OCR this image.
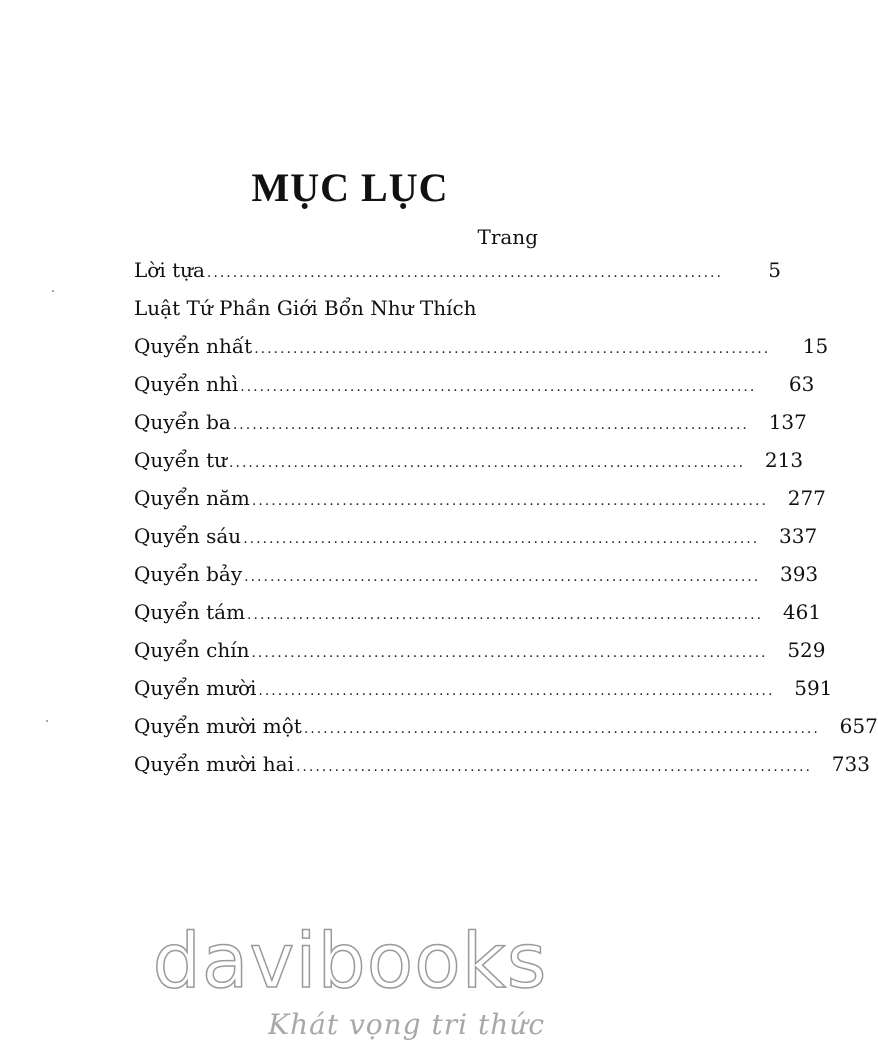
MỤC LỤC
Trang
Lời tựa ................................................................................	5
Luật Tứ Phần Giới Bổn Như Thích
Quyển nhất ................................................................................	15
Quyển nhì ................................................................................	63
Quyển ba ................................................................................ 137
Quyển tư ................................................................................ 213
Quyển năm ................................................................................ 277
Quyển sáu ................................................................................ 337
Quyển bảy ................................................................................ 393
Quyển tám ................................................................................ 461
Quyển chín ................................................................................ 529
Quyển mười ................................................................................ 591
Quyển mười một ................................................................................ 657
Quyển mười hai ................................................................................ 733
davibooks
Khát vọng tri thức
